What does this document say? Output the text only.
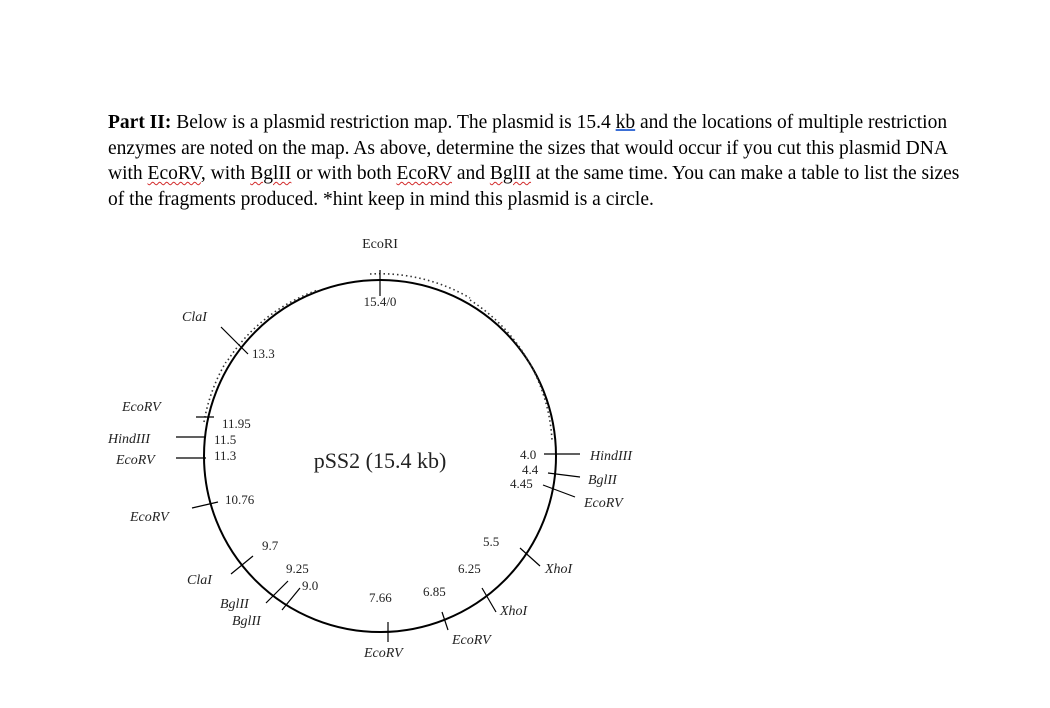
Part II: Below is a plasmid restriction map. The plasmid is 15.4 kb and the locations of multiple restriction enzymes are noted on the map. As above, determine the sizes that would occur if you cut this plasmid DNA with EcoRV, with BglII or with both EcoRV and BglII at the same time. You can make a table to list the sizes of the fragments produced. *hint keep in mind this plasmid is a circle.

pSS2 (15.4 kb)
EcoRI
ClaI
EcoRV
HindIII
EcoRV
EcoRV
ClaI
BglII
BglII
EcoRV
EcoRV
XhoI
XhoI
HindIII
BglII
EcoRV
15.4/0
13.3
11.95
11.5
11.3
10.76
9.7
9.25
9.0
7.66 6.85
6.25
5.5
4.0
4.4
4.45
